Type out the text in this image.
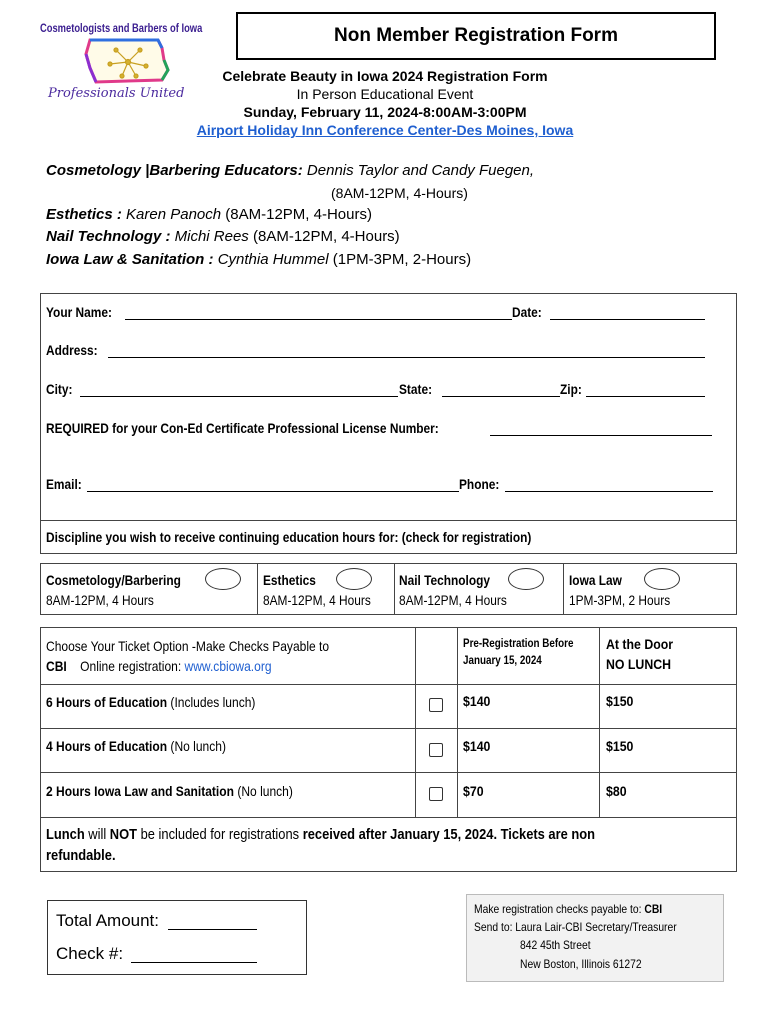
Cosmetologists and Barbers of Iowa
Professionals United
Non Member Registration Form
Celebrate Beauty in Iowa 2024 Registration Form
In Person Educational Event
Sunday, February 11, 2024-8:00AM-3:00PM
Airport Holiday Inn Conference Center-Des Moines, Iowa
Cosmetology |Barbering Educators: Dennis Taylor and Candy Fuegen,
(8AM-12PM, 4-Hours)
Esthetics : Karen Panoch (8AM-12PM, 4-Hours)
Nail Technology : Michi Rees (8AM-12PM, 4-Hours)
Iowa Law & Sanitation : Cynthia Hummel (1PM-3PM, 2-Hours)
Your Name:	Date:
Address:
City:	State:	Zip:
REQUIRED for your Con-Ed Certificate Professional License Number:
Email:	Phone:
Discipline you wish to receive continuing education hours for: (check for registration)
Cosmetology/Barbering
8AM-12PM, 4 Hours
Esthetics
8AM-12PM, 4 Hours
Nail Technology
8AM-12PM, 4 Hours
Iowa Law
1PM-3PM, 2 Hours
Choose Your Ticket Option -Make Checks Payable to
CBI Online registration: www.cbiowa.org
Pre-Registration Before
January 15, 2024
At the Door
NO LUNCH
6 Hours of Education (Includes lunch)	$140	$150
4 Hours of Education (No lunch)	$140	$150
2 Hours Iowa Law and Sanitation (No lunch)	$70	$80
Lunch will NOT be included for registrations received after January 15, 2024. Tickets are non
refundable.
Total Amount:
Check #:
Make registration checks payable to: CBI
Send to: Laura Lair-CBI Secretary/Treasurer
842 45th Street
New Boston, Illinois 61272
